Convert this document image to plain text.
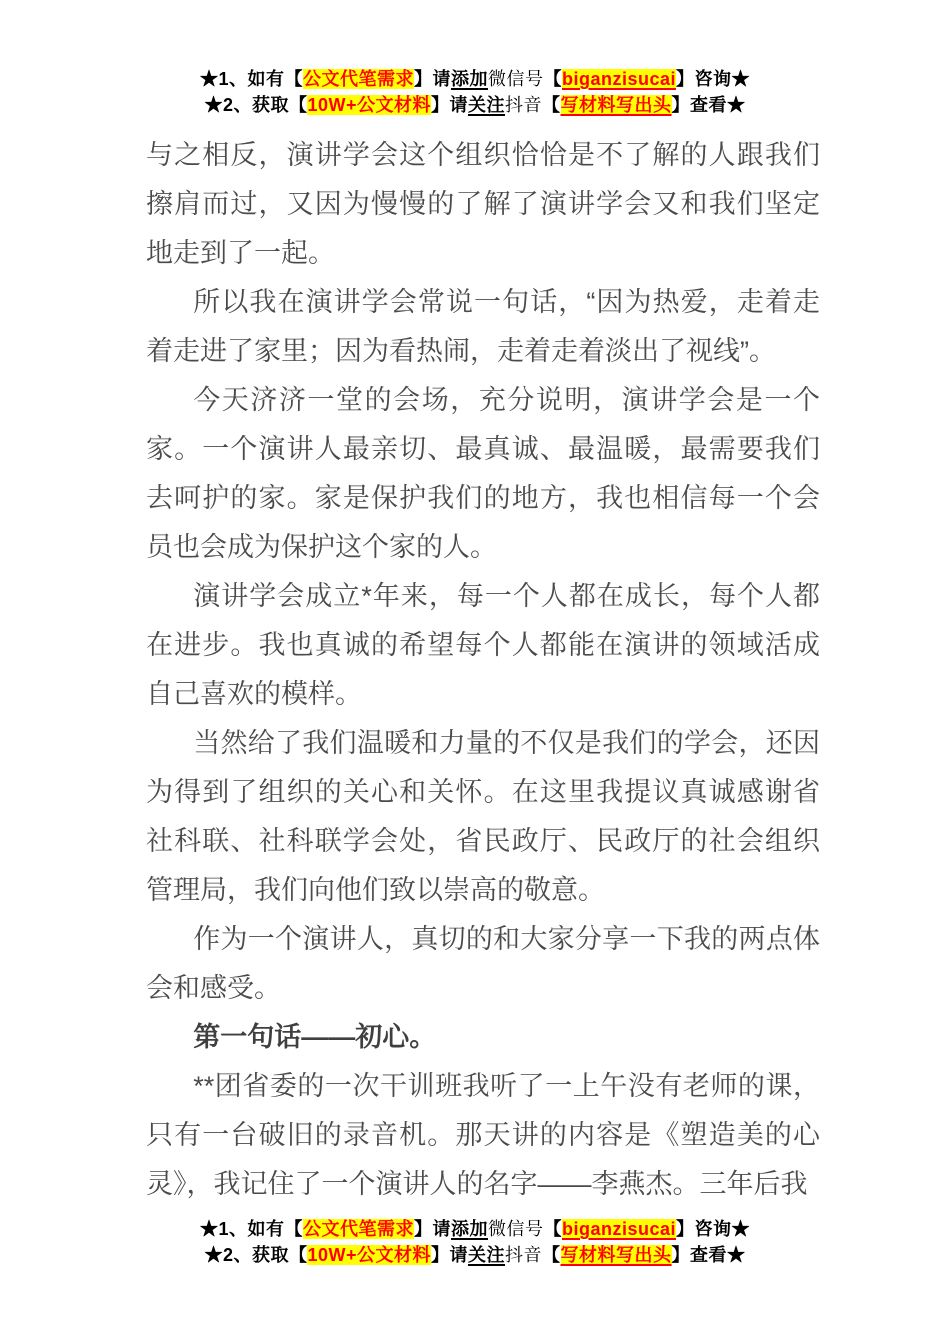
★1、如有【公文代笔需求】请添加微信号【biganzisucai】咨询★
★2、获取【10W+公文材料】请关注抖音【写材料写出头】查看★

与之相反，演讲学会这个组织恰恰是不了解的人跟我们擦肩而过，又因为慢慢的了解了演讲学会又和我们坚定地走到了一起。

所以我在演讲学会常说一句话，“因为热爱，走着走着走进了家里；因为看热闹，走着走着淡出了视线”。

今天济济一堂的会场，充分说明，演讲学会是一个家。一个演讲人最亲切、最真诚、最温暖，最需要我们去呵护的家。家是保护我们的地方，我也相信每一个会员也会成为保护这个家的人。

演讲学会成立*年来，每一个人都在成长，每个人都在进步。我也真诚的希望每个人都能在演讲的领域活成自己喜欢的模样。

当然给了我们温暖和力量的不仅是我们的学会，还因为得到了组织的关心和关怀。在这里我提议真诚感谢省社科联、社科联学会处，省民政厅、民政厅的社会组织管理局，我们向他们致以崇高的敬意。

作为一个演讲人，真切的和大家分享一下我的两点体会和感受。

第一句话——初心。

**团省委的一次干训班我听了一上午没有老师的课，只有一台破旧的录音机。那天讲的内容是《塑造美的心灵》，我记住了一个演讲人的名字——李燕杰。三年后我

★1、如有【公文代笔需求】请添加微信号【biganzisucai】咨询★
★2、获取【10W+公文材料】请关注抖音【写材料写出头】查看★
